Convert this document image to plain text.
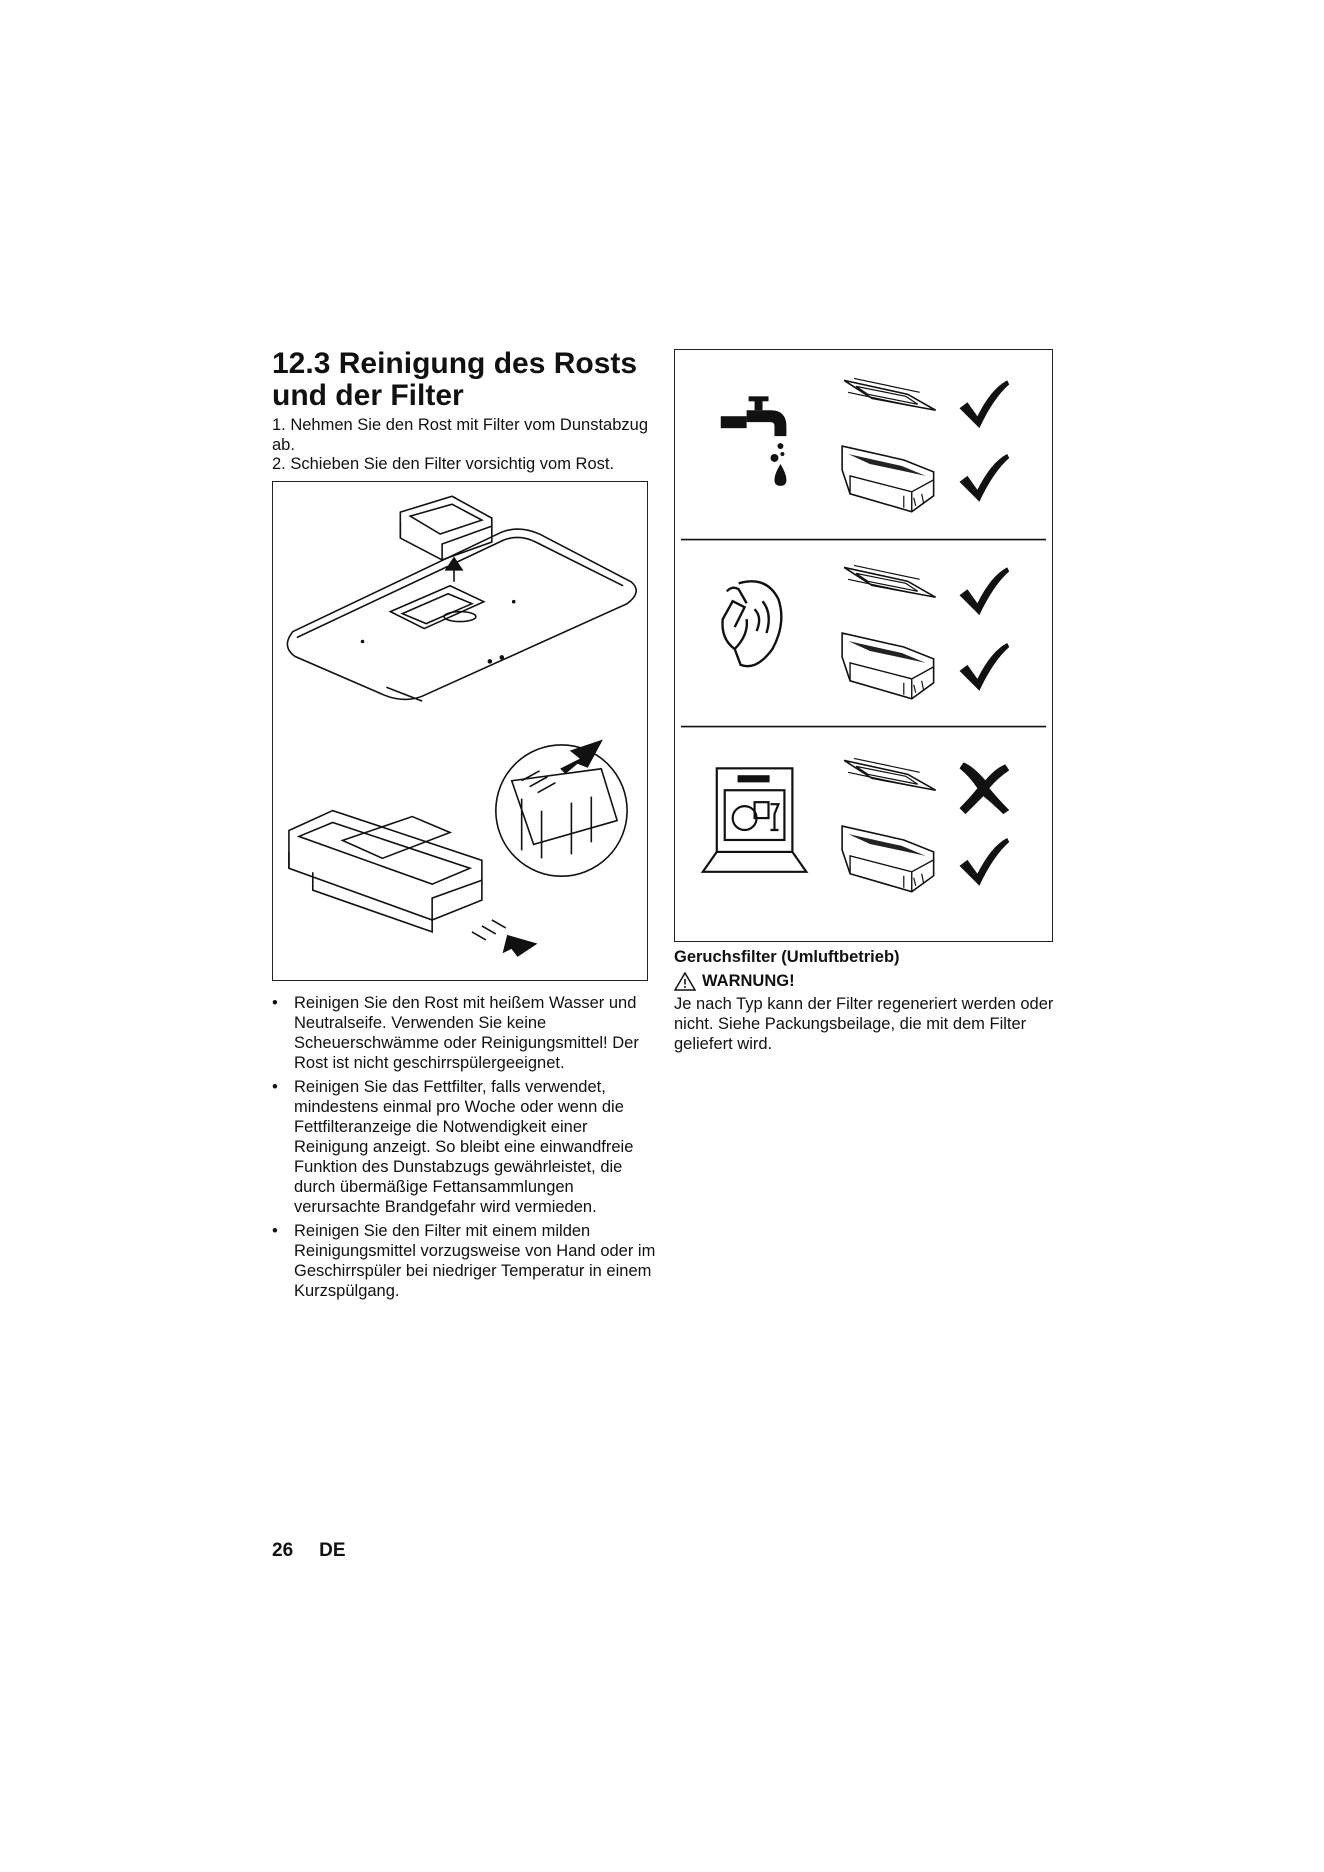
12.3 Reinigung des Rosts und der Filter
1. Nehmen Sie den Rost mit Filter vom Dunstabzug ab.
2. Schieben Sie den Filter vorsichtig vom Rost.
• Reinigen Sie den Rost mit heißem Wasser und Neutralseife. Verwenden Sie keine Scheuerschwämme oder Reinigungsmittel! Der Rost ist nicht geschirrspülergeeignet.
• Reinigen Sie das Fettfilter, falls verwendet, mindestens einmal pro Woche oder wenn die Fettfilteranzeige die Notwendigkeit einer Reinigung anzeigt. So bleibt eine einwandfreie Funktion des Dunstabzugs gewährleistet, die durch übermäßige Fettansammlungen verursachte Brandgefahr wird vermieden.
• Reinigen Sie den Filter mit einem milden Reinigungsmittel vorzugsweise von Hand oder im Geschirrspüler bei niedriger Temperatur in einem Kurzspülgang.
Geruchsfilter (Umluftbetrieb)
WARNUNG!
Je nach Typ kann der Filter regeneriert werden oder nicht. Siehe Packungsbeilage, die mit dem Filter geliefert wird.
26 DE
